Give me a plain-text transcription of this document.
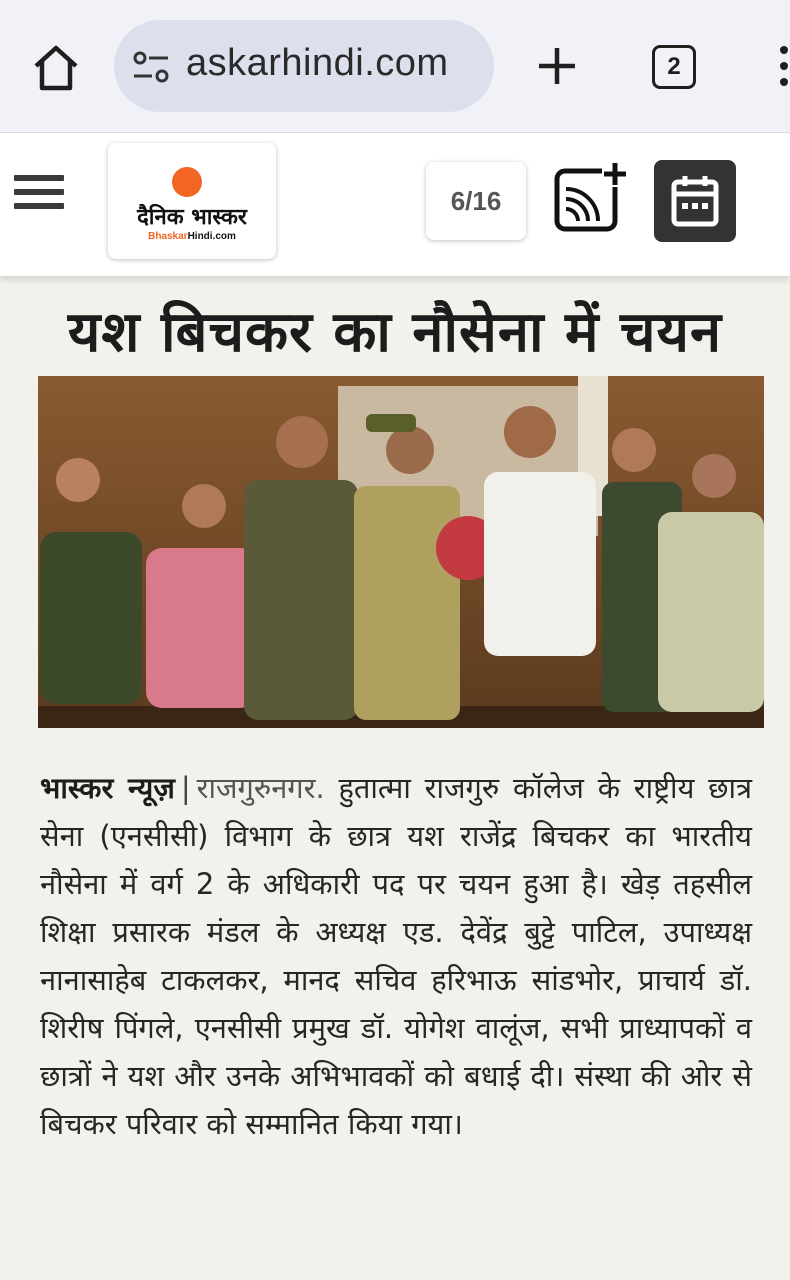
askarhindi.com	2
दैनिक भास्कर
BhaskarHindi.com
6/16
यश बिचकर का नौसेना में चयन
भास्कर न्यूज़ | राजगुरुनगर. हुतात्मा राजगुरु कॉलेज के राष्ट्रीय छात्र सेना (एनसीसी) विभाग के छात्र यश राजेंद्र बिचकर का भारतीय नौसेना में वर्ग 2 के अधिकारी पद पर चयन हुआ है। खेड़ तहसील शिक्षा प्रसारक मंडल के अध्यक्ष एड. देवेंद्र बुट्टे पाटिल, उपाध्यक्ष नानासाहेब टाकलकर, मानद सचिव हरिभाऊ सांडभोर, प्राचार्य डॉ. शिरीष पिंगले, एनसीसी प्रमुख डॉ. योगेश वालूंज, सभी प्राध्यापकों व छात्रों ने यश और उनके अभिभावकों को बधाई दी। संस्था की ओर से बिचकर परिवार को सम्मानित किया गया।
